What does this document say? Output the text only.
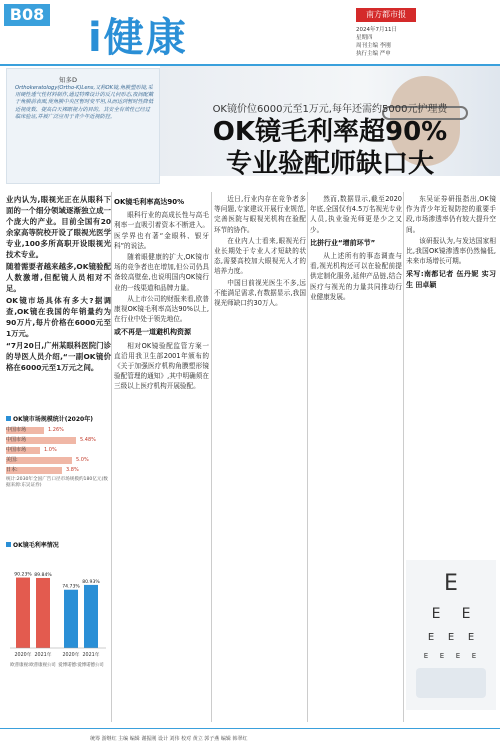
B08
i健康
南方都市报
2024年7月11日
星期四
周刊主编 李刚
执行主编 严申
知多D
Orthokeratology(Ortho-K)Lens,又称OK镜,角膜塑形镜,采用硬性透气性材料制作,通过特殊设计的反几何形态,夜间配戴于角膜前表面,使角膜中央区暂时变平坦,从而达到暂时性降低近视度数、提高白天裸眼视力的目的。其安全有效性已经过临床验证,并被广泛应用于青少年近视防控。
OK镜价位6000元至1万元,每年还需约5000元护理费
OK镜毛利率超90%
专业验配师缺口大

业内认为,眼视光正在从眼科下面的一个细分领域逐渐独立成一个庞大的产业。目前全国有20余家高等院校开设了眼视光医学专业,100多所高职开设眼视光技术专业。

随着需要者越来越多,OK镜验配人数激增,但配镜人员相对不足。

OK镜市场具体有多大?据调查,OK镜在我国的年销量约为90万片,每片价格在6000元至1万元。

“7月20日,广州某眼科医院门诊的导医人员介绍,“一副OK镜价格在6000元至1万元之间。

OK镜市场规模统计(2020年)
中国市场	1.26%
中国市场	5.48%
中国市场	1.0%
美国:	5.0%
日本:	3.8%
统计:2030年全国广告口径市场规模约180亿元(数据来源:东吴证券)
OK镜毛利率情况
90.23%
2020年
89.84%
2021年
74.73%
2020年
80.93%
2021年
欧普康视:欧普康视公司 爱博诺德:爱博诺德公司
OK镜毛利率高达90%

眼科行业的高成长性与高毛利率一直吸引着资本不断进入。医学界也有著“金眼科、银牙科”的说法。

随着眼健康的扩大,OK镜市场的竞争者也在增加,但公司仍具备较高壁垒,也说明国内OK镜行业的一线渠道和品牌力量。

从上市公司的财报来看,欧普康视OK镜毛利率高达90%以上,在行业中处于领先地位。

或不再是一道避机构资源

相对OK镜验配监管方案一直沿用我卫生部2001年颁布的《关于加强医疗机构角膜塑形镜验配管理的通知》,其中明确须在三级以上医疗机构开展验配。

近日,行业内存在竞争者多等问题,专家建议开展行业规范,完善医院与眼视光机构在验配环节的协作。

在业内人士看来,眼视光行业长期处于专业人才短缺的状态,需要高校加大眼视光人才的培养力度。

中国目前视光医生不多,远不能满足需求,有数据显示,我国视光师缺口约30万人。

然而,数据显示,截至2020年底,全国仅有4.5万名视光专业人员,执业验光师更是少之又少。

比拼行业“增前环节”

从上述所有的事态调查与看,视光机构还可以在验配前提供定制化服务,延伸产品链,结合医疗与视光的力量共同推动行业健康发展。

东吴证券研报指出,OK镜作为青少年近视防控的重要手段,市场渗透率仍有较大提升空间。

该研报认为,与发达国家相比,我国OK镜渗透率仍然偏低,未来市场增长可期。

采写:南都记者 伍丹妮 实习生 田卓颖
E
E E
E E E
E E E E
统筹 游继红 主编 编辑 谢振刚 设计 刘伟 校对 黄立 郭子燕 编辑 韩翠红
